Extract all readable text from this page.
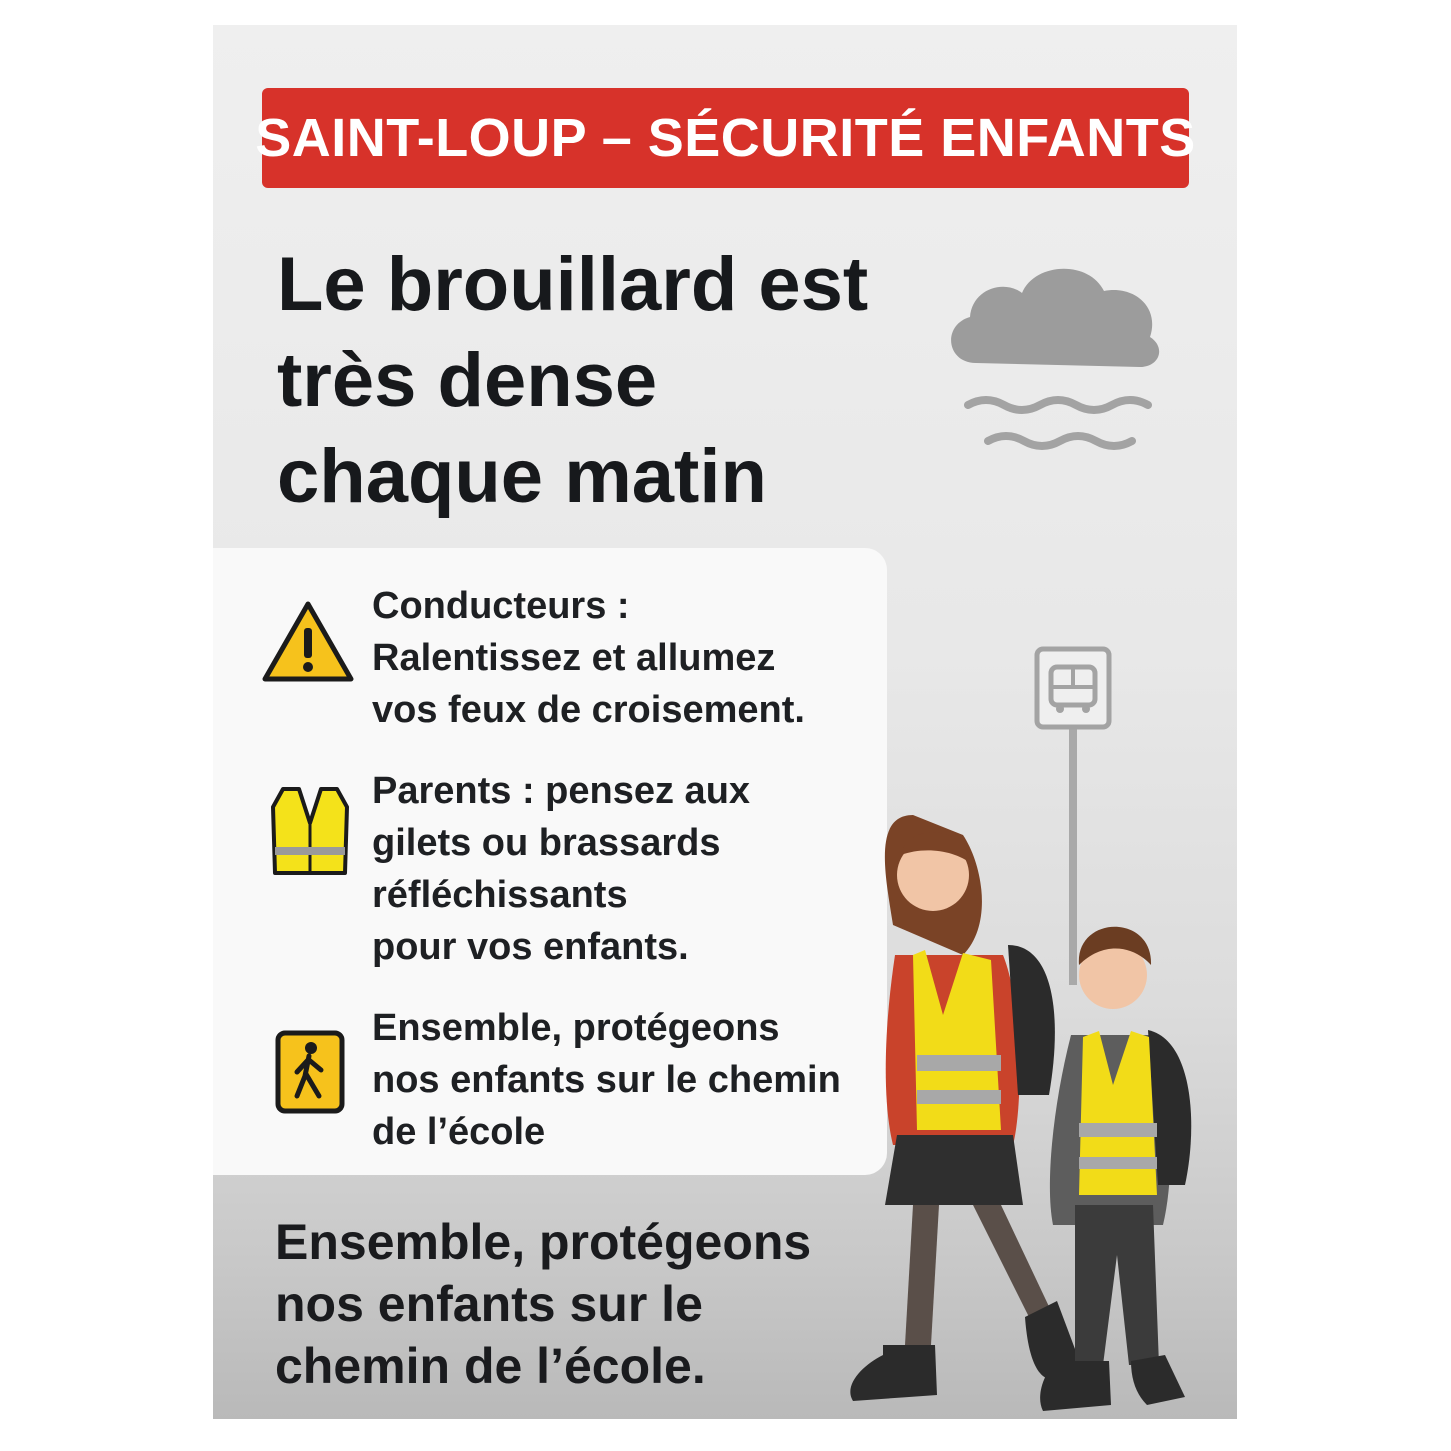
SAINT-LOUP – SÉCURITÉ ENFANTS
Le brouillard est
très dense
chaque matin
Conducteurs :
Ralentissez et allumez
vos feux de croisement.
Parents : pensez aux
gilets ou brassards
réfléchissants
pour vos enfants.
Ensemble, protégeons
nos enfants sur le chemin
de l’école
Ensemble, protégeons
nos enfants sur le
chemin de l’école.
